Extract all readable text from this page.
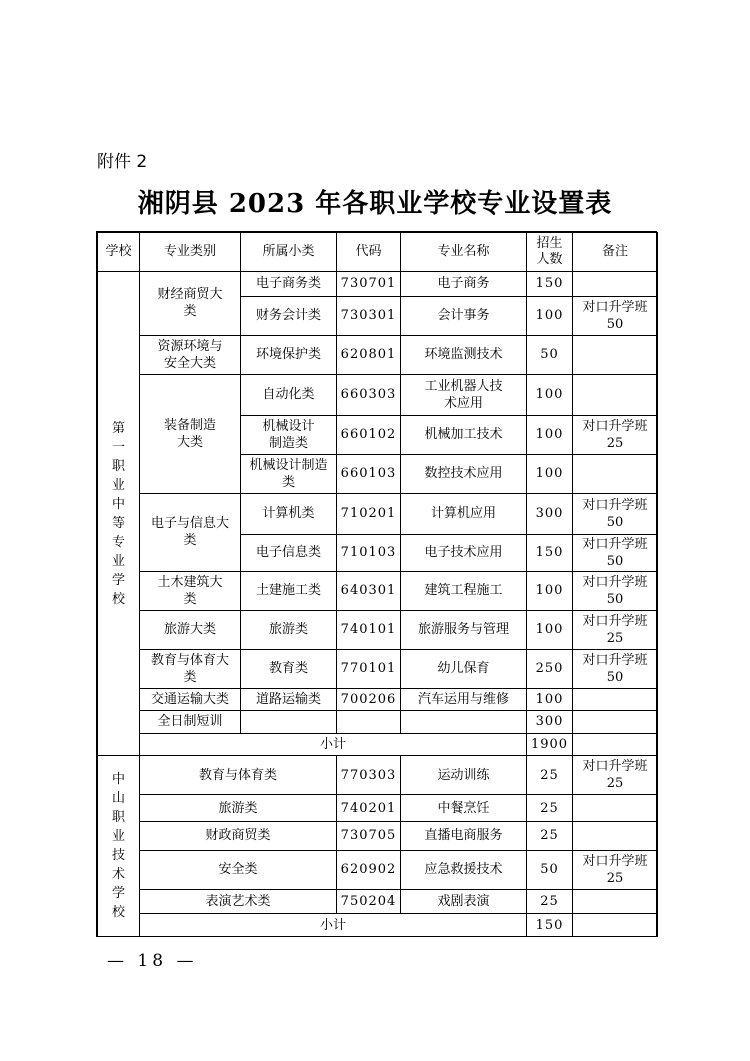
附件 2
湘阴县 2023 年各职业学校专业设置表
学校	专业类别	所属小类	代码	专业名称	招生人数	备注
第一职业中等专业学校	财经商贸大类	电子商务类	730701	电子商务	150	
		财务会计类	730301	会计事务	100	对口升学班50
	资源环境与安全大类	环境保护类	620801	环境监测技术	50	
	装备制造大类	自动化类	660303	工业机器人技术应用	100	
		机械设计制造类	660102	机械加工技术	100	对口升学班25
		机械设计制造类	660103	数控技术应用	100	
	电子与信息大类	计算机类	710201	计算机应用	300	对口升学班50
		电子信息类	710103	电子技术应用	150	对口升学班50
	土木建筑大类	土建施工类	640301	建筑工程施工	100	对口升学班50
	旅游大类	旅游类	740101	旅游服务与管理	100	对口升学班25
	教育与体育大类	教育类	770101	幼儿保育	250	对口升学班50
	交通运输大类	道路运输类	700206	汽车运用与维修	100	
	全日制短训				300	
	小计				1900	
中山职业技术学校	教育与体育类		770303	运动训练	25	对口升学班25
	旅游类		740201	中餐烹饪	25	
	财政商贸类		730705	直播电商服务	25	
	安全类		620902	应急救援技术	50	对口升学班25
	表演艺术类		750204	戏剧表演	25	
	小计				150	
— 18 —
